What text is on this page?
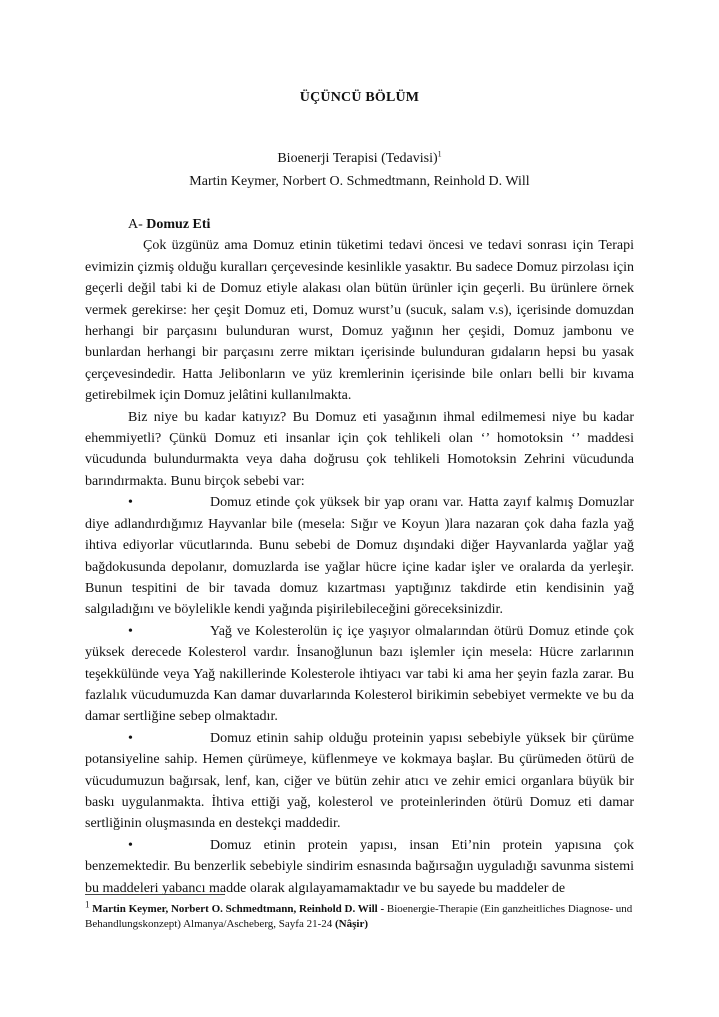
ÜÇÜNCÜ BÖLÜM
Bioenerji Terapisi (Tedavisi)$^1$
Martin Keymer, Norbert O. Schmedtmann, Reinhold D. Will

A- Domuz Eti

Çok üzgünüz ama Domuz etinin tüketimi tedavi öncesi ve tedavi sonrası için Terapi evimizin çizmiş olduğu kuralları çerçevesinde kesinlikle yasaktır. Bu sadece Domuz pirzolası için geçerli değil tabi ki de Domuz etiyle alakası olan bütün ürünler için geçerli. Bu ürünlere örnek vermek gerekirse: her çeşit Domuz eti, Domuz wurst’u (sucuk, salam v.s), içerisinde domuzdan herhangi bir parçasını bulunduran wurst, Domuz yağının her çeşidi, Domuz jambonu ve bunlardan herhangi bir parçasını zerre miktarı içerisinde bulunduran gıdaların hepsi bu yasak çerçevesindedir. Hatta Jelibonların ve yüz kremlerinin içerisinde bile onları belli bir kıvama getirebilmek için Domuz jelâtini kullanılmakta.

Biz niye bu kadar katıyız? Bu Domuz eti yasağının ihmal edilmemesi niye bu kadar ehemmiyetli? Çünkü Domuz eti insanlar için çok tehlikeli olan ‘’ homotoksin ‘’ maddesi vücudunda bulundurmakta veya daha doğrusu çok tehlikeli Homotoksin Zehrini vücudunda barındırmakta. Bunu birçok sebebi var:

•	Domuz etinde çok yüksek bir yap oranı var. Hatta zayıf kalmış Domuzlar diye adlandırdığımız Hayvanlar bile (mesela: Sığır ve Koyun )lara nazaran çok daha fazla yağ ihtiva ediyorlar vücutlarında. Bunu sebebi de Domuz dışındaki diğer Hayvanlarda yağlar yağ bağdokusunda depolanır, domuzlarda ise yağlar hücre içine kadar işler ve oralarda da yerleşir. Bunun tespitini de bir tavada domuz kızartması yaptığınız takdirde etin kendisinin yağ salgıladığını ve böylelikle kendi yağında pişirilebileceğini göreceksinizdir.

•	Yağ ve Kolesterolün iç içe yaşıyor olmalarından ötürü Domuz etinde çok yüksek derecede Kolesterol vardır. İnsanoğlunun bazı işlemler için mesela: Hücre zarlarının teşekkülünde veya Yağ nakillerinde Kolesterole ihtiyacı var tabi ki ama her şeyin fazla zarar. Bu fazlalık vücudumuzda Kan damar duvarlarında Kolesterol birikimin sebebiyet vermekte ve bu da damar sertliğine sebep olmaktadır.

•	Domuz etinin sahip olduğu proteinin yapısı sebebiyle yüksek bir çürüme potansiyeline sahip. Hemen çürümeye, küflenmeye ve kokmaya başlar. Bu çürümeden ötürü de vücudumuzun bağırsak, lenf, kan, ciğer ve bütün zehir atıcı ve zehir emici organlara büyük bir baskı uygulanmakta. İhtiva ettiği yağ, kolesterol ve proteinlerinden ötürü Domuz eti damar sertliğinin oluşmasında en destekçi maddedir.

•	Domuz etinin protein yapısı, insan Eti’nin protein yapısına çok benzemektedir. Bu benzerlik sebebiyle sindirim esnasında bağırsağın uyguladığı savunma sistemi bu maddeleri yabancı madde olarak algılayamamaktadır ve bu sayede bu maddeler de

$^1$ Martin Keymer, Norbert O. Schmedtmann, Reinhold D. Will - Bioenergie-Therapie (Ein ganzheitliches Diagnose- und Behandlungskonzept) Almanya/Ascheberg, Sayfa 21-24 (Nâşir)
